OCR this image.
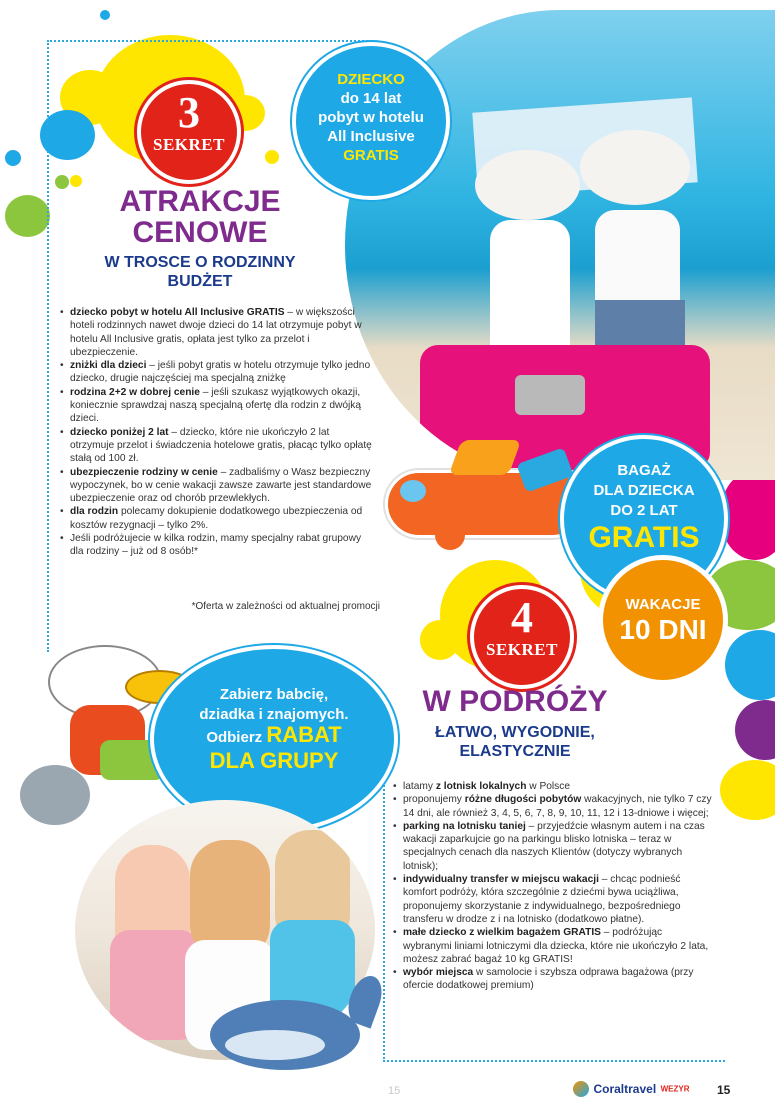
3
SEKRET
DZIECKO
do 14 lat
pobyt w hotelu
All Inclusive
GRATIS
ATRAKCJE
CENOWE
W TROSCE O RODZINNY
BUDŻET
• dziecko pobyt w hotelu All Inclusive GRATIS – w większości hoteli rodzinnych nawet dwoje dzieci do 14 lat otrzymuje pobyt w hotelu All Inclusive gratis, opłata jest tylko za przelot i ubezpieczenie.
• zniżki dla dzieci – jeśli pobyt gratis w hotelu otrzymuje tylko jedno dziecko, drugie najczęściej ma specjalną zniżkę
• rodzina 2+2 w dobrej cenie – jeśli szukasz wyjątkowych okazji, koniecznie sprawdzaj naszą specjalną ofertę dla rodzin z dwójką dzieci.
• dziecko poniżej 2 lat – dziecko, które nie ukończyło 2 lat otrzymuje przelot i świadczenia hotelowe gratis, płacąc tylko opłatę stałą od 100 zł.
• ubezpieczenie rodziny w cenie – zadbaliśmy o Wasz bezpieczny wypoczynek, bo w cenie wakacji zawsze zawarte jest standardowe ubezpieczenie oraz od chorób przewlekłych.
• dla rodzin polecamy dokupienie dodatkowego ubezpieczenia od kosztów rezygnacji – tylko 2%.
• Jeśli podróżujecie w kilka rodzin, mamy specjalny rabat grupowy dla rodziny – już od 8 osób!*
*Oferta w zależności od aktualnej promocji
BAGAŻ
DLA DZIECKA
DO 2 LAT
GRATIS
WAKACJE
10 DNI
4
SEKRET
W PODRÓŻY
ŁATWO, WYGODNIE,
ELASTYCZNIE
• latamy z lotnisk lokalnych w Polsce
• proponujemy różne długości pobytów wakacyjnych, nie tylko 7 czy 14 dni, ale również 3, 4, 5, 6, 7, 8, 9, 10, 11, 12 i 13-dniowe i więcej;
• parking na lotnisku taniej – przyjedźcie własnym autem i na czas wakacji zaparkujcie go na parkingu blisko lotniska – teraz w specjalnych cenach dla naszych Klientów (dotyczy wybranych lotnisk);
• indywidualny transfer w miejscu wakacji – chcąc podnieść komfort podróży, która szczególnie z dziećmi bywa uciążliwa, proponujemy skorzystanie z indywidualnego, bezpośredniego transferu w drodze z i na lotnisko (dodatkowo płatne).
• małe dziecko z wielkim bagażem GRATIS – podróżując wybranymi liniami lotniczymi dla dziecka, które nie ukończyło 2 lata, możesz zabrać bagaż 10 kg GRATIS!
• wybór miejsca w samolocie i szybsza odprawa bagażowa (przy ofercie dodatkowej premium)
Zabierz babcię,
dziadka i znajomych.
Odbierz RABAT
DLA GRUPY
15	Coraltravel WEZYR 15
